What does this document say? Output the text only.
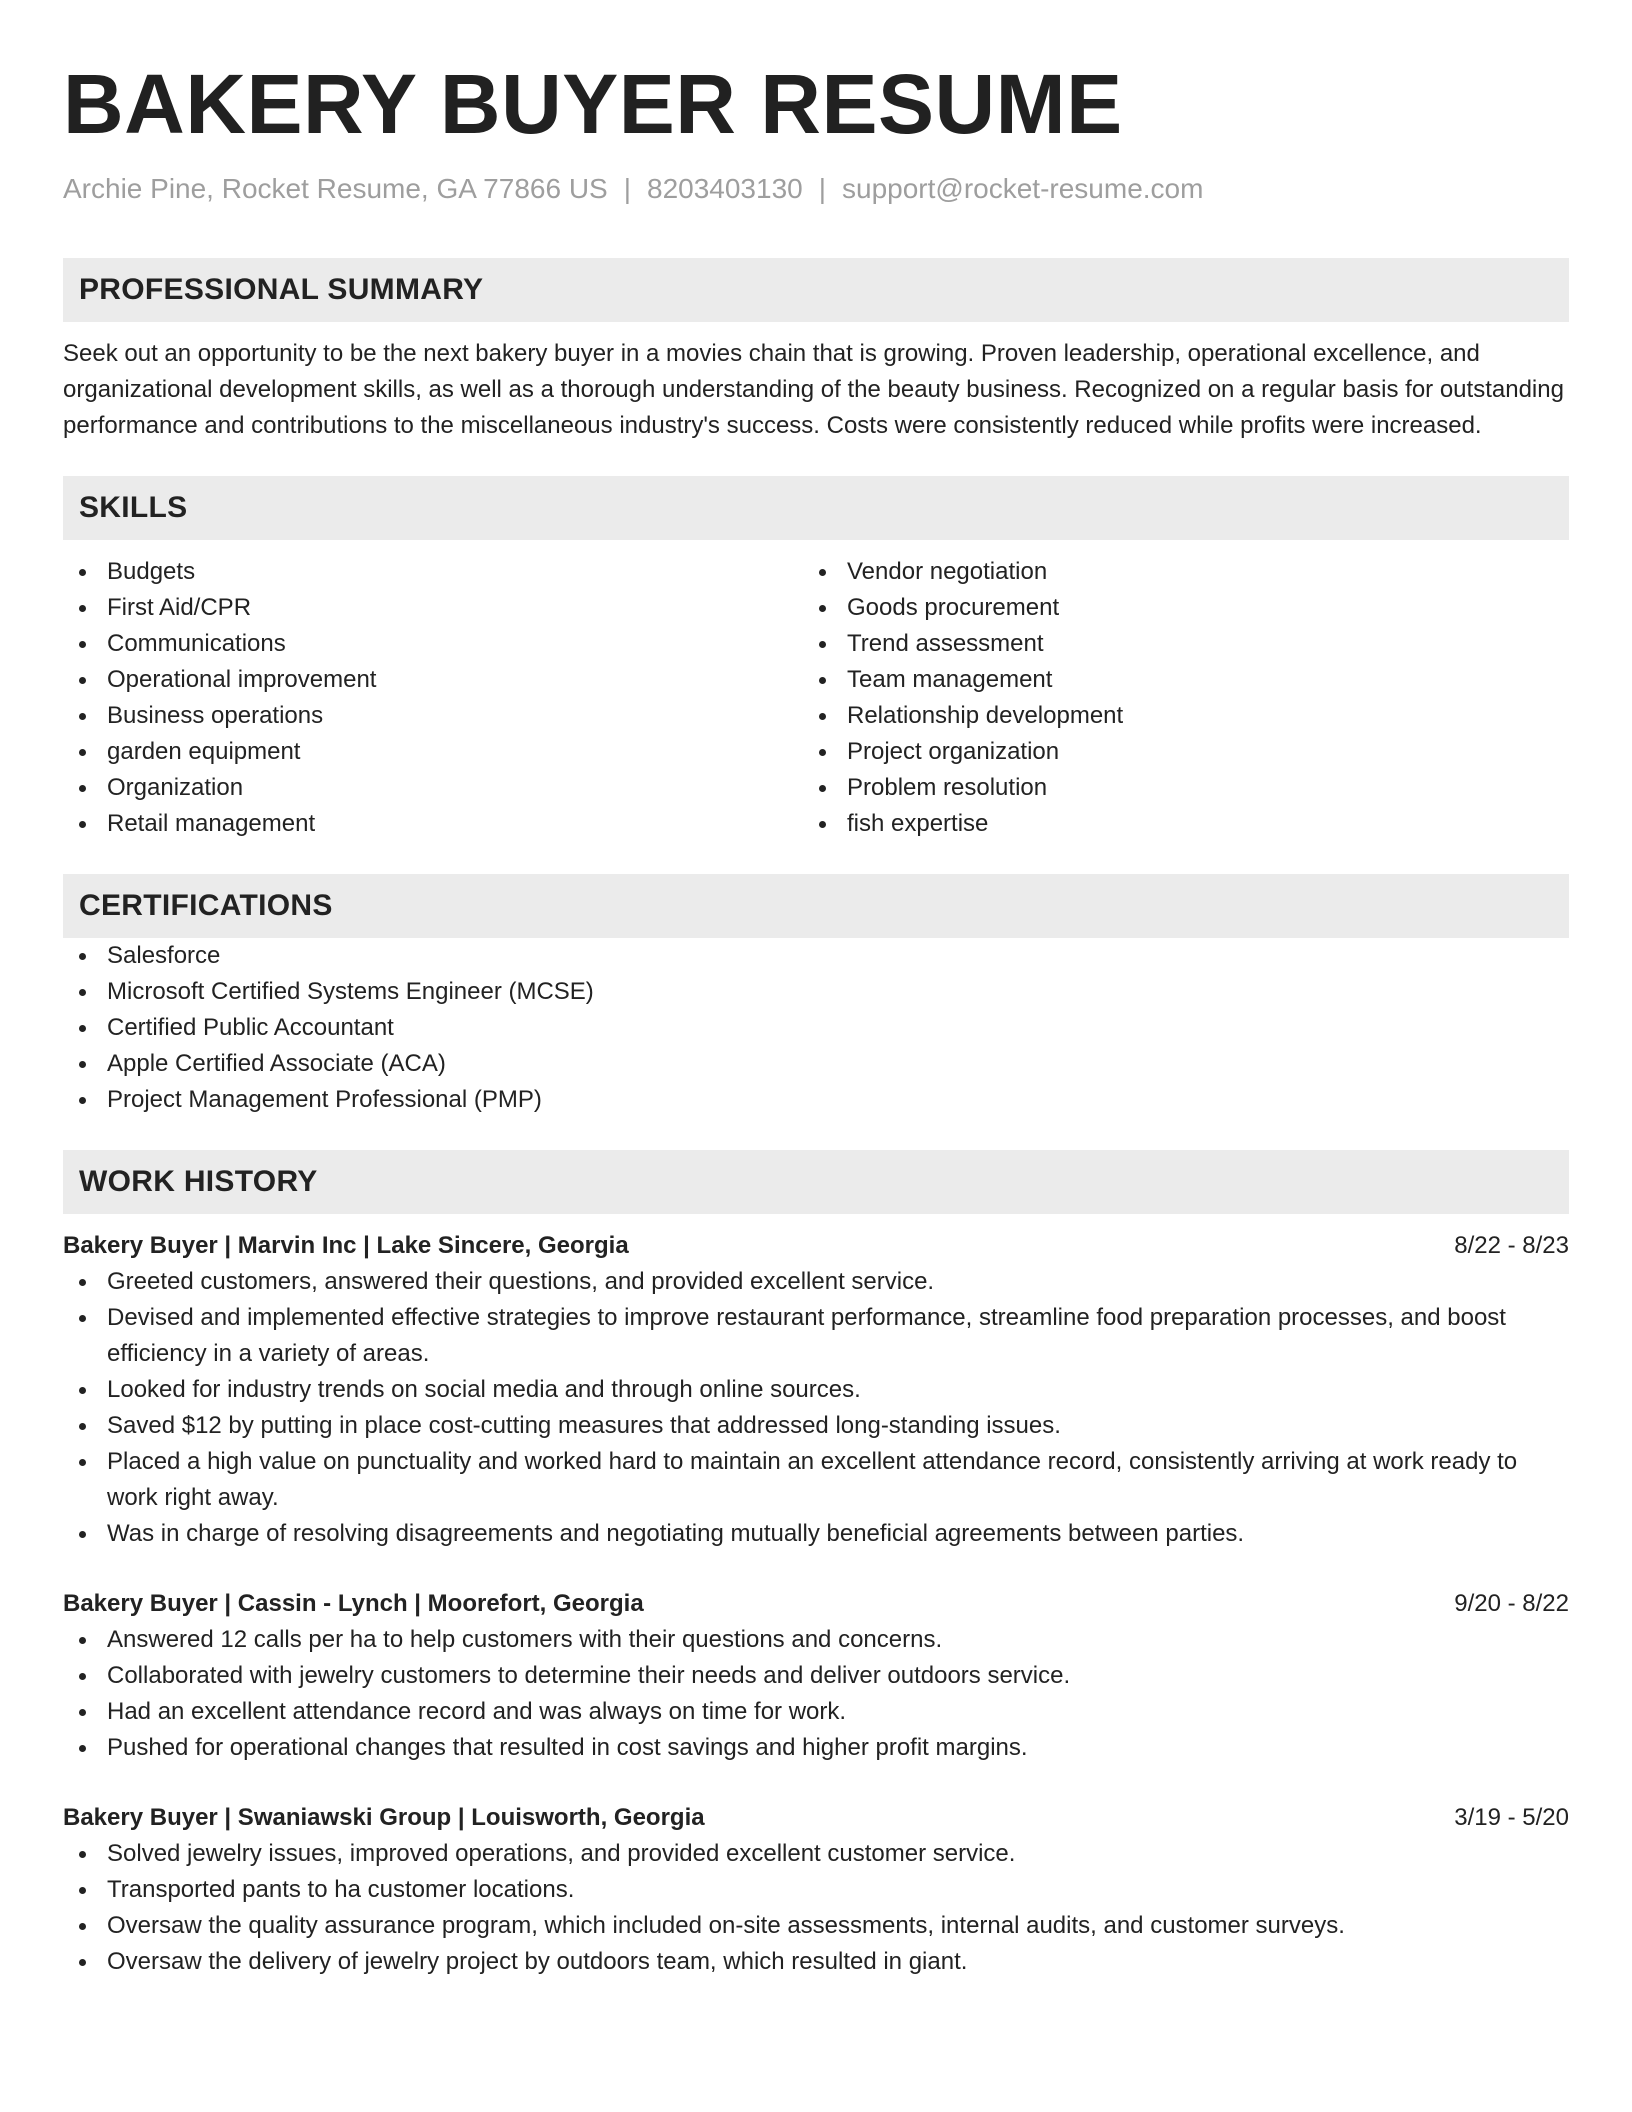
BAKERY BUYER RESUME
Archie Pine, Rocket Resume, GA 77866 US | 8203403130 | support@rocket-resume.com
PROFESSIONAL SUMMARY
Seek out an opportunity to be the next bakery buyer in a movies chain that is growing. Proven leadership, operational excellence, and organizational development skills, as well as a thorough understanding of the beauty business. Recognized on a regular basis for outstanding performance and contributions to the miscellaneous industry's success. Costs were consistently reduced while profits were increased.
SKILLS
Budgets
First Aid/CPR
Communications
Operational improvement
Business operations
garden equipment
Organization
Retail management
Vendor negotiation
Goods procurement
Trend assessment
Team management
Relationship development
Project organization
Problem resolution
fish expertise
CERTIFICATIONS
Salesforce
Microsoft Certified Systems Engineer (MCSE)
Certified Public Accountant
Apple Certified Associate (ACA)
Project Management Professional (PMP)
WORK HISTORY
Bakery Buyer | Marvin Inc | Lake Sincere, Georgia	8/22 - 8/23
Greeted customers, answered their questions, and provided excellent service.
Devised and implemented effective strategies to improve restaurant performance, streamline food preparation processes, and boost efficiency in a variety of areas.
Looked for industry trends on social media and through online sources.
Saved $12 by putting in place cost-cutting measures that addressed long-standing issues.
Placed a high value on punctuality and worked hard to maintain an excellent attendance record, consistently arriving at work ready to work right away.
Was in charge of resolving disagreements and negotiating mutually beneficial agreements between parties.
Bakery Buyer | Cassin - Lynch | Moorefort, Georgia	9/20 - 8/22
Answered 12 calls per ha to help customers with their questions and concerns.
Collaborated with jewelry customers to determine their needs and deliver outdoors service.
Had an excellent attendance record and was always on time for work.
Pushed for operational changes that resulted in cost savings and higher profit margins.
Bakery Buyer | Swaniawski Group | Louisworth, Georgia	3/19 - 5/20
Solved jewelry issues, improved operations, and provided excellent customer service.
Transported pants to ha customer locations.
Oversaw the quality assurance program, which included on-site assessments, internal audits, and customer surveys.
Oversaw the delivery of jewelry project by outdoors team, which resulted in giant.
